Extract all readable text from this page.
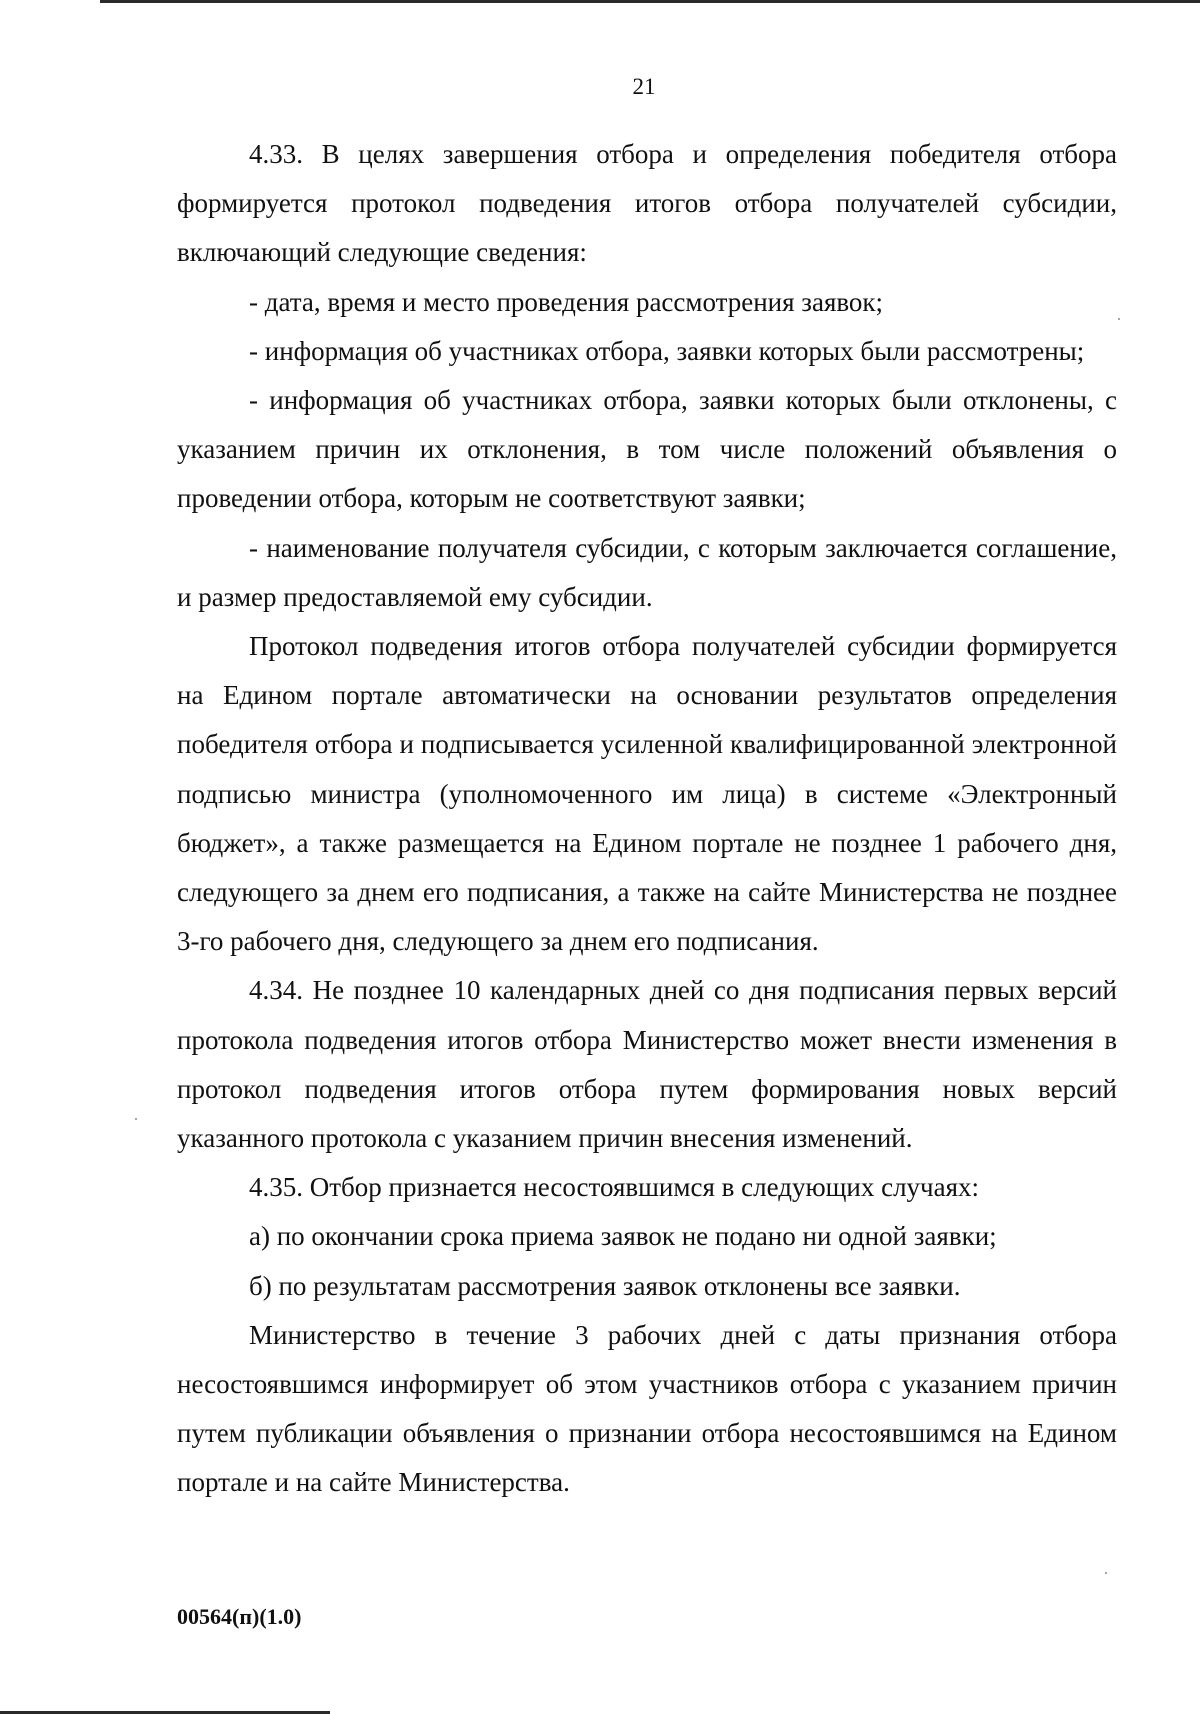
21

4.33. В целях завершения отбора и определения победителя отбора формируется протокол подведения итогов отбора получателей субсидии, включающий следующие сведения:

- дата, время и место проведения рассмотрения заявок;

- информация об участниках отбора, заявки которых были рассмотрены;

- информация об участниках отбора, заявки которых были отклонены, с указанием причин их отклонения, в том числе положений объявления о проведении отбора, которым не соответствуют заявки;

- наименование получателя субсидии, с которым заключается соглашение, и размер предоставляемой ему субсидии.

Протокол подведения итогов отбора получателей субсидии формируется на Едином портале автоматически на основании результатов определения победителя отбора и подписывается усиленной квалифицированной электронной подписью министра (уполномоченного им лица) в системе «Электронный бюджет», а также размещается на Едином портале не позднее 1 рабочего дня, следующего за днем его подписания, а также на сайте Министерства не позднее 3-го рабочего дня, следующего за днем его подписания.

4.34. Не позднее 10 календарных дней со дня подписания первых версий протокола подведения итогов отбора Министерство может внести изменения в протокол подведения итогов отбора путем формирования новых версий указанного протокола с указанием причин внесения изменений.

4.35. Отбор признается несостоявшимся в следующих случаях:

а) по окончании срока приема заявок не подано ни одной заявки;

б) по результатам рассмотрения заявок отклонены все заявки.

Министерство в течение 3 рабочих дней с даты признания отбора несостоявшимся информирует об этом участников отбора с указанием причин путем публикации объявления о признании отбора несостоявшимся на Едином портале и на сайте Министерства.

00564(п)(1.0)
